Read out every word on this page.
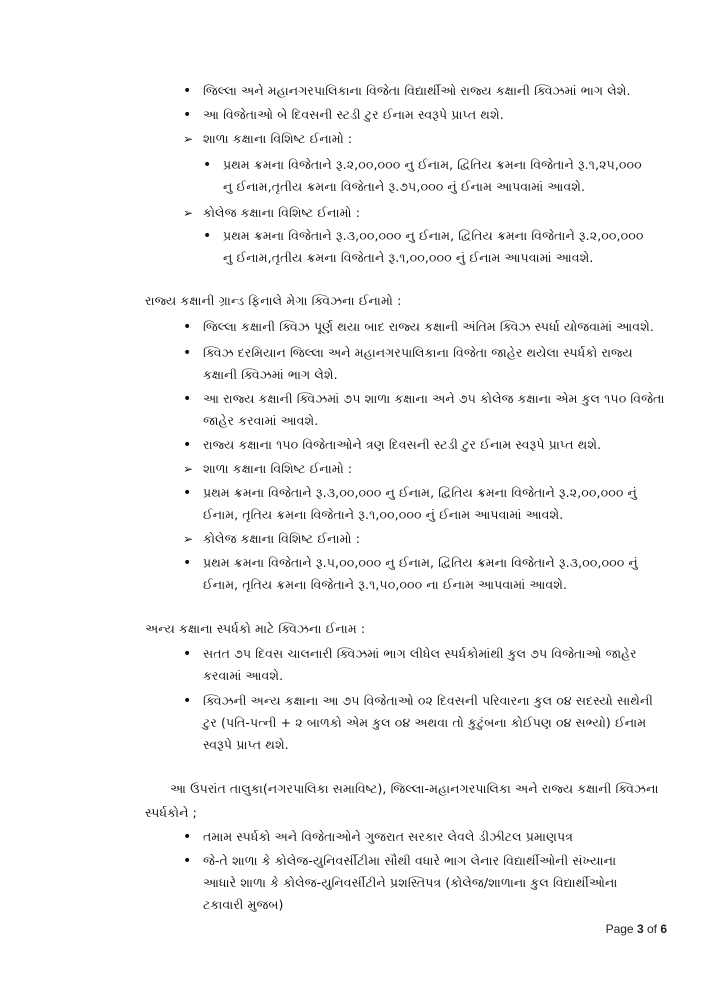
• જિલ્લા અને મહાનગરપાલિકાના વિજેતા વિદ્યાર્થીઓ રાજ્ય કક્ષાની ક્વિઝમાં ભાગ લેશે.
• આ વિજેતાઓ બે દિવસની સ્ટડી ટુર ઈનામ સ્વરૂપે પ્રાપ્ત થશે.
➢ શાળા કક્ષાના વિશિષ્ટ ઈનામો :
• પ્રથમ ક્રમના વિજેતાને રૂ.૨,૦૦,૦૦૦ નુ ઈનામ, દ્વિતિય ક્રમના વિજેતાને રૂ.૧,૨૫,૦૦૦
નુ ઈનામ,તૃતીય ક્રમના વિજેતાને રૂ.૭૫,૦૦૦ નું ઈનામ આપવામાં આવશે.
➢ કોલેજ કક્ષાના વિશિષ્ટ ઈનામો :
• પ્રથમ ક્રમના વિજેતાને રૂ.૩,૦૦,૦૦૦ નુ ઈનામ, દ્વિતિય ક્રમના વિજેતાને રૂ.૨,૦૦,૦૦૦
નુ ઈનામ,તૃતીય ક્રમના વિજેતાને રૂ.૧,૦૦,૦૦૦ નું ઈનામ આપવામાં આવશે.
રાજ્ય કક્ષાની ગ્રાન્ડ ફિનાલે મેગા ક્વિઝના ઈનામો :
• જિલ્લા કક્ષાની ક્વિઝ પૂર્ણ થયા બાદ રાજ્ય કક્ષાની અંતિમ ક્વિઝ સ્પર્ધા યોજવામાં આવશે.
• ક્વિઝ દરમિયાન જિલ્લા અને મહાનગરપાલિકાના વિજેતા જાહેર થયેલા સ્પર્ધકો રાજ્ય
કક્ષાની ક્વિઝમાં ભાગ લેશે.
• આ રાજ્ય કક્ષાની ક્વિઝમાં ૭૫ શાળા કક્ષાના અને ૭૫ કોલેજ કક્ષાના એમ કુલ ૧૫૦ વિજેતા
જાહેર કરવામાં આવશે.
• રાજ્ય કક્ષાના ૧૫૦ વિજેતાઓને ત્રણ દિવસની સ્ટડી ટુર ઈનામ સ્વરૂપે પ્રાપ્ત થશે.
➢ શાળા કક્ષાના વિશિષ્ટ ઈનામો :
• પ્રથમ ક્રમના વિજેતાને રૂ.૩,૦૦,૦૦૦ નુ ઈનામ, દ્વિતિય ક્રમના વિજેતાને રૂ.૨,૦૦,૦૦૦ નું
ઈનામ, તૃતિય ક્રમના વિજેતાને રૂ.૧,૦૦,૦૦૦ નું ઈનામ આપવામાં આવશે.
➢ કોલેજ કક્ષાના વિશિષ્ટ ઈનામો :
• પ્રથમ ક્રમના વિજેતાને રૂ.૫,૦૦,૦૦૦ નુ ઈનામ, દ્વિતિય ક્રમના વિજેતાને રૂ.૩,૦૦,૦૦૦ નું
ઈનામ, તૃતિય ક્રમના વિજેતાને રૂ.૧,૫૦,૦૦૦ ના ઈનામ આપવામાં આવશે.
અન્ય કક્ષાના સ્પર્ધકો માટે ક્વિઝના ઈનામ :
• સતત ૭૫ દિવસ ચાલનારી ક્વિઝમાં ભાગ લીધેલ સ્પર્ધકોમાંથી કુલ ૭૫ વિજેતાઓ જાહેર
કરવામાં આવશે.
• ક્વિઝની અન્ય કક્ષાના આ ૭૫ વિજેતાઓ ૦૨ દિવસની પરિવારના કુલ ૦૪ સદસ્યો સાથેની
ટુર (પતિ-પત્ની + ૨ બાળકો એમ કુલ ૦૪ અથવા તો કુટુંબના કોઈપણ ૦૪ સભ્યો) ઈનામ
સ્વરૂપે પ્રાપ્ત થશે.
આ ઉપરાંત તાલુકા(નગરપાલિકા સમાવિષ્ટ), જિલ્લા-મહાનગરપાલિકા અને રાજ્ય કક્ષાની ક્વિઝના
સ્પર્ધકોને ;
• તમામ સ્પર્ધકો અને વિજેતાઓને ગુજરાત સરકાર લેવલે ડીઝીટલ પ્રમાણપત્ર
• જે-તે શાળા કે કોલેજ-યુનિવર્સીટીમા સૌથી વધારે ભાગ લેનાર વિદ્યાર્થીઓની સંખ્યાના
આધારે શાળા કે કોલેજ-યુનિવર્સીટીને પ્રશસ્તિપત્ર (કોલેજ/શાળાના કુલ વિદ્યાર્થીઓના
ટકાવારી મુજબ)
Page 3 of 6
